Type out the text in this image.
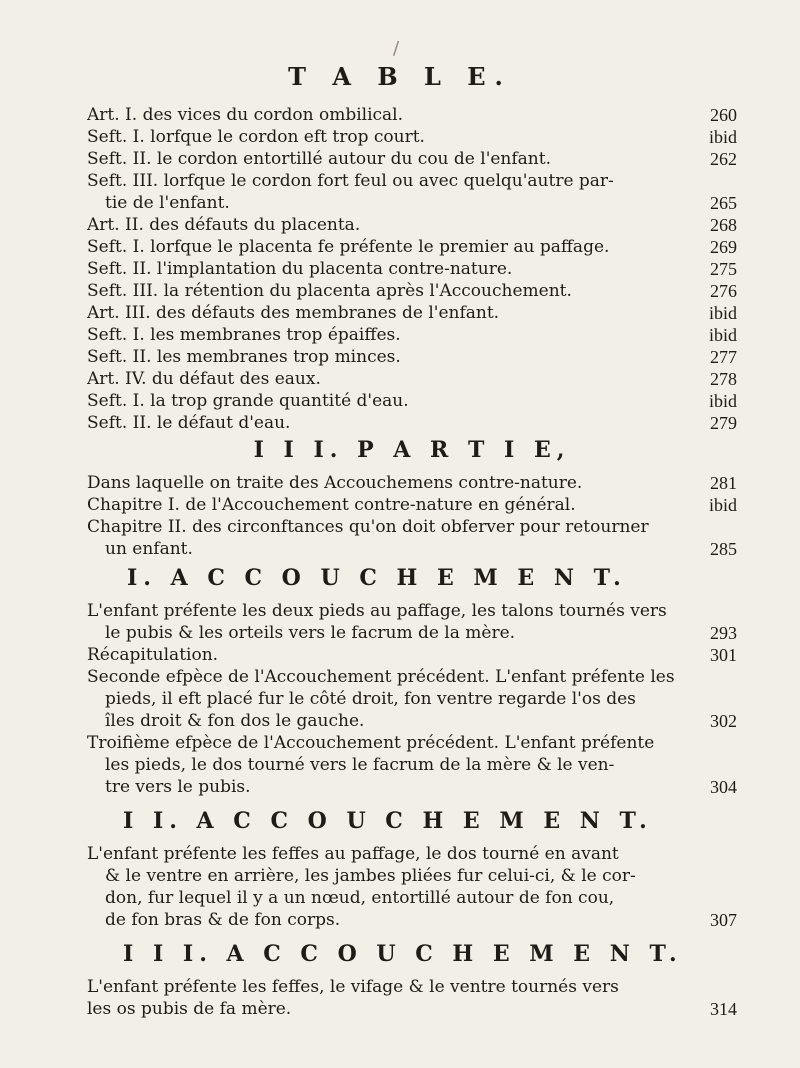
/
T A B L E.
Art. I. des vices du cordon ombilical.	260
Seft. I. lorfque le cordon eft trop court.	ibid
Seft. II. le cordon entortillé autour du cou de l'enfant.	262
Seft. III. lorfque le cordon fort feul ou avec quelqu'autre par-
tie de l'enfant.	265
Art. II. des défauts du placenta.	268
Seft. I. lorfque le placenta fe préfente le premier au paffage.	269
Seft. II. l'implantation du placenta contre-nature.	275
Seft. III. la rétention du placenta après l'Accouchement.	276
Art. III. des défauts des membranes de l'enfant.	ibid
Seft. I. les membranes trop épaiffes.	ibid
Seft. II. les membranes trop minces.	277
Art. IV. du défaut des eaux.	278
Seft. I. la trop grande quantité d'eau.	ibid
Seft. II. le défaut d'eau.	279
I I I. P A R T I E,
Dans laquelle on traite des Accouchemens contre-nature.	281
Chapitre I. de l'Accouchement contre-nature en général.	ibid
Chapitre II. des circonftances qu'on doit obferver pour retourner
un enfant.	285
I. A C C O U C H E M E N T.
L'enfant préfente les deux pieds au paffage, les talons tournés vers
le pubis & les orteils vers le facrum de la mère.	293
Récapitulation.	301
Seconde efpèce de l'Accouchement précédent. L'enfant préfente les
pieds, il eft placé fur le côté droit, fon ventre regarde l'os des
îles droit & fon dos le gauche.	302
Troifième efpèce de l'Accouchement précédent. L'enfant préfente
les pieds, le dos tourné vers le facrum de la mère & le ven-
tre vers le pubis.	304
I I. A C C O U C H E M E N T.
L'enfant préfente les feffes au paffage, le dos tourné en avant
& le ventre en arrière, les jambes pliées fur celui-ci, & le cor-
don, fur lequel il y a un nœud, entortillé autour de fon cou,
de fon bras & de fon corps.	307
I I I. A C C O U C H E M E N T.
L'enfant préfente les feffes, le vifage & le ventre tournés vers
les os pubis de fa mère.	314
